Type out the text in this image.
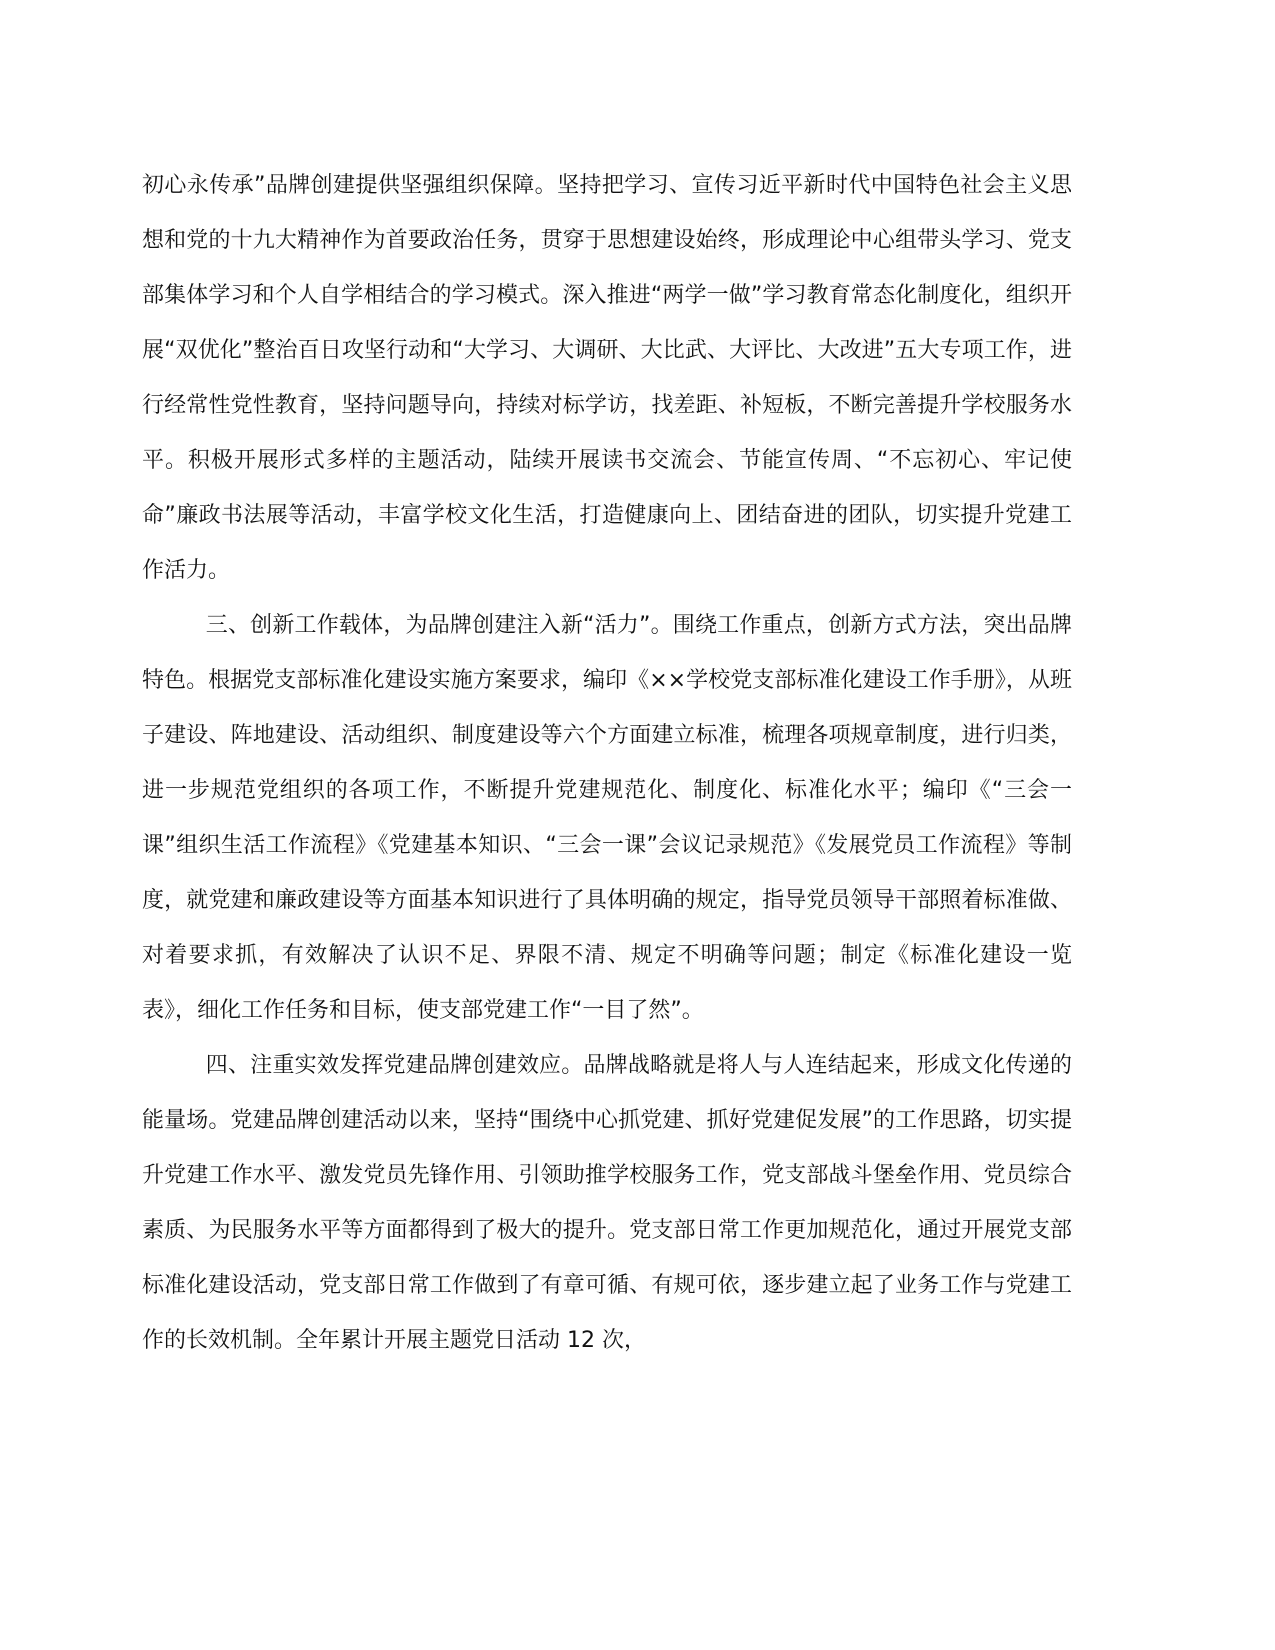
初心永传承”品牌创建提供坚强组织保障。坚持把学习、宣传习近平新时代中国特色社会主义思想和党的十九大精神作为首要政治任务，贯穿于思想建设始终，形成理论中心组带头学习、党支部集体学习和个人自学相结合的学习模式。深入推进“两学一做”学习教育常态化制度化，组织开展“双优化”整治百日攻坚行动和“大学习、大调研、大比武、大评比、大改进”五大专项工作，进行经常性党性教育，坚持问题导向，持续对标学访，找差距、补短板，不断完善提升学校服务水平。积极开展形式多样的主题活动，陆续开展读书交流会、节能宣传周、“不忘初心、牢记使命”廉政书法展等活动，丰富学校文化生活，打造健康向上、团结奋进的团队，切实提升党建工作活力。

三、创新工作载体，为品牌创建注入新“活力”。围绕工作重点，创新方式方法，突出品牌特色。根据党支部标准化建设实施方案要求，编印《××学校党支部标准化建设工作手册》，从班子建设、阵地建设、活动组织、制度建设等六个方面建立标准，梳理各项规章制度，进行归类，进一步规范党组织的各项工作，不断提升党建规范化、制度化、标准化水平；编印《“三会一课”组织生活工作流程》《党建基本知识、“三会一课”会议记录规范》《发展党员工作流程》等制度，就党建和廉政建设等方面基本知识进行了具体明确的规定，指导党员领导干部照着标准做、对着要求抓，有效解决了认识不足、界限不清、规定不明确等问题；制定《标准化建设一览表》，细化工作任务和目标，使支部党建工作“一目了然”。

四、注重实效发挥党建品牌创建效应。品牌战略就是将人与人连结起来，形成文化传递的能量场。党建品牌创建活动以来，坚持“围绕中心抓党建、抓好党建促发展”的工作思路，切实提升党建工作水平、激发党员先锋作用、引领助推学校服务工作，党支部战斗堡垒作用、党员综合素质、为民服务水平等方面都得到了极大的提升。党支部日常工作更加规范化，通过开展党支部标准化建设活动，党支部日常工作做到了有章可循、有规可依，逐步建立起了业务工作与党建工作的长效机制。全年累计开展主题党日活动 12 次，
